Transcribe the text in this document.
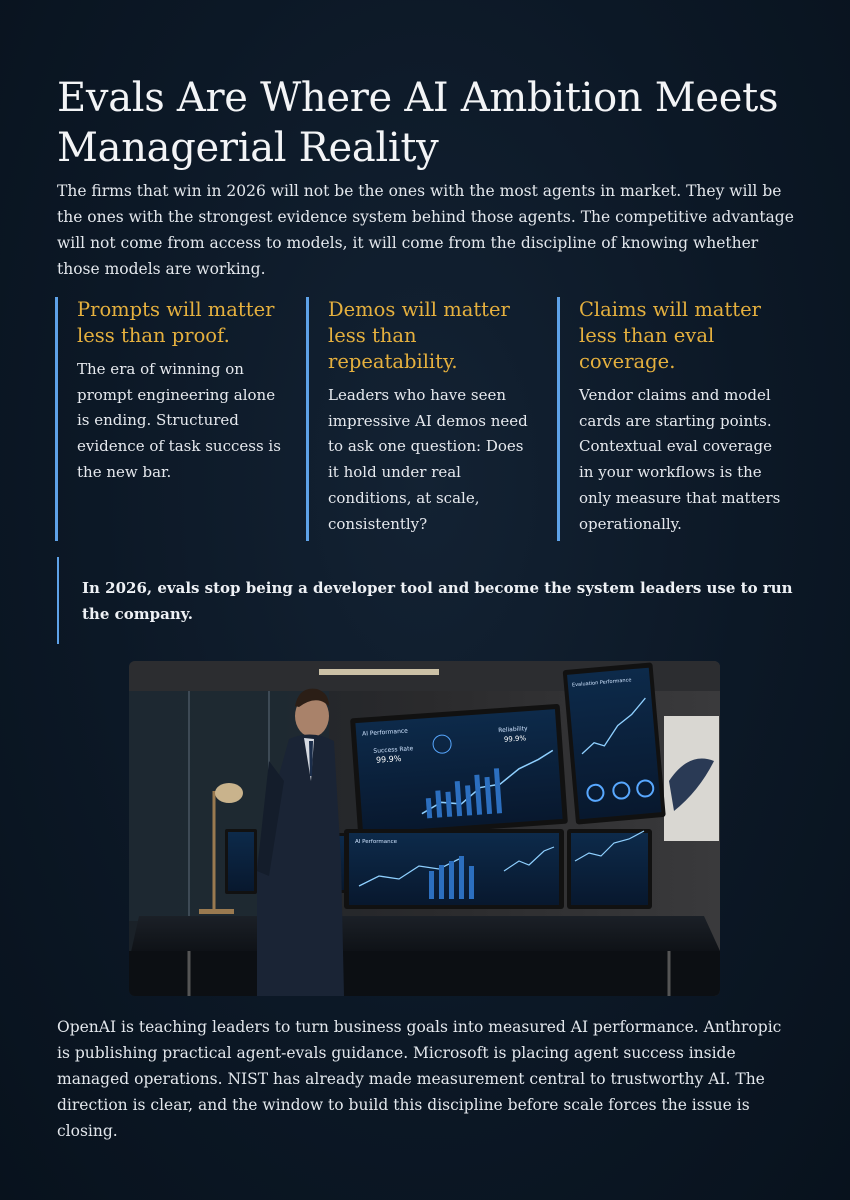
Evals Are Where AI Ambition Meets Managerial Reality
The firms that win in 2026 will not be the ones with the most agents in market. They will be the ones with the strongest evidence system behind those agents. The competitive advantage will not come from access to models, it will come from the discipline of knowing whether those models are working.
Prompts will matter less than proof.

The era of winning on prompt engineering alone is ending. Structured evidence of task success is the new bar.

Demos will matter less than repeatability.

Leaders who have seen impressive AI demos need to ask one question: Does it hold under real conditions, at scale, consistently?

Claims will matter less than eval coverage.

Vendor claims and model cards are starting points. Contextual eval coverage in your workflows is the only measure that matters operationally.

In 2026, evals stop being a developer tool and become the system leaders use to run the company.

AI Performance
Success Rate
99.9%
Reliability
99.9%
Evaluation Performance
AI Performance
OpenAI is teaching leaders to turn business goals into measured AI performance. Anthropic is publishing practical agent-evals guidance. Microsoft is placing agent success inside managed operations. NIST has already made measurement central to trustworthy AI. The direction is clear, and the window to build this discipline before scale forces the issue is closing.
